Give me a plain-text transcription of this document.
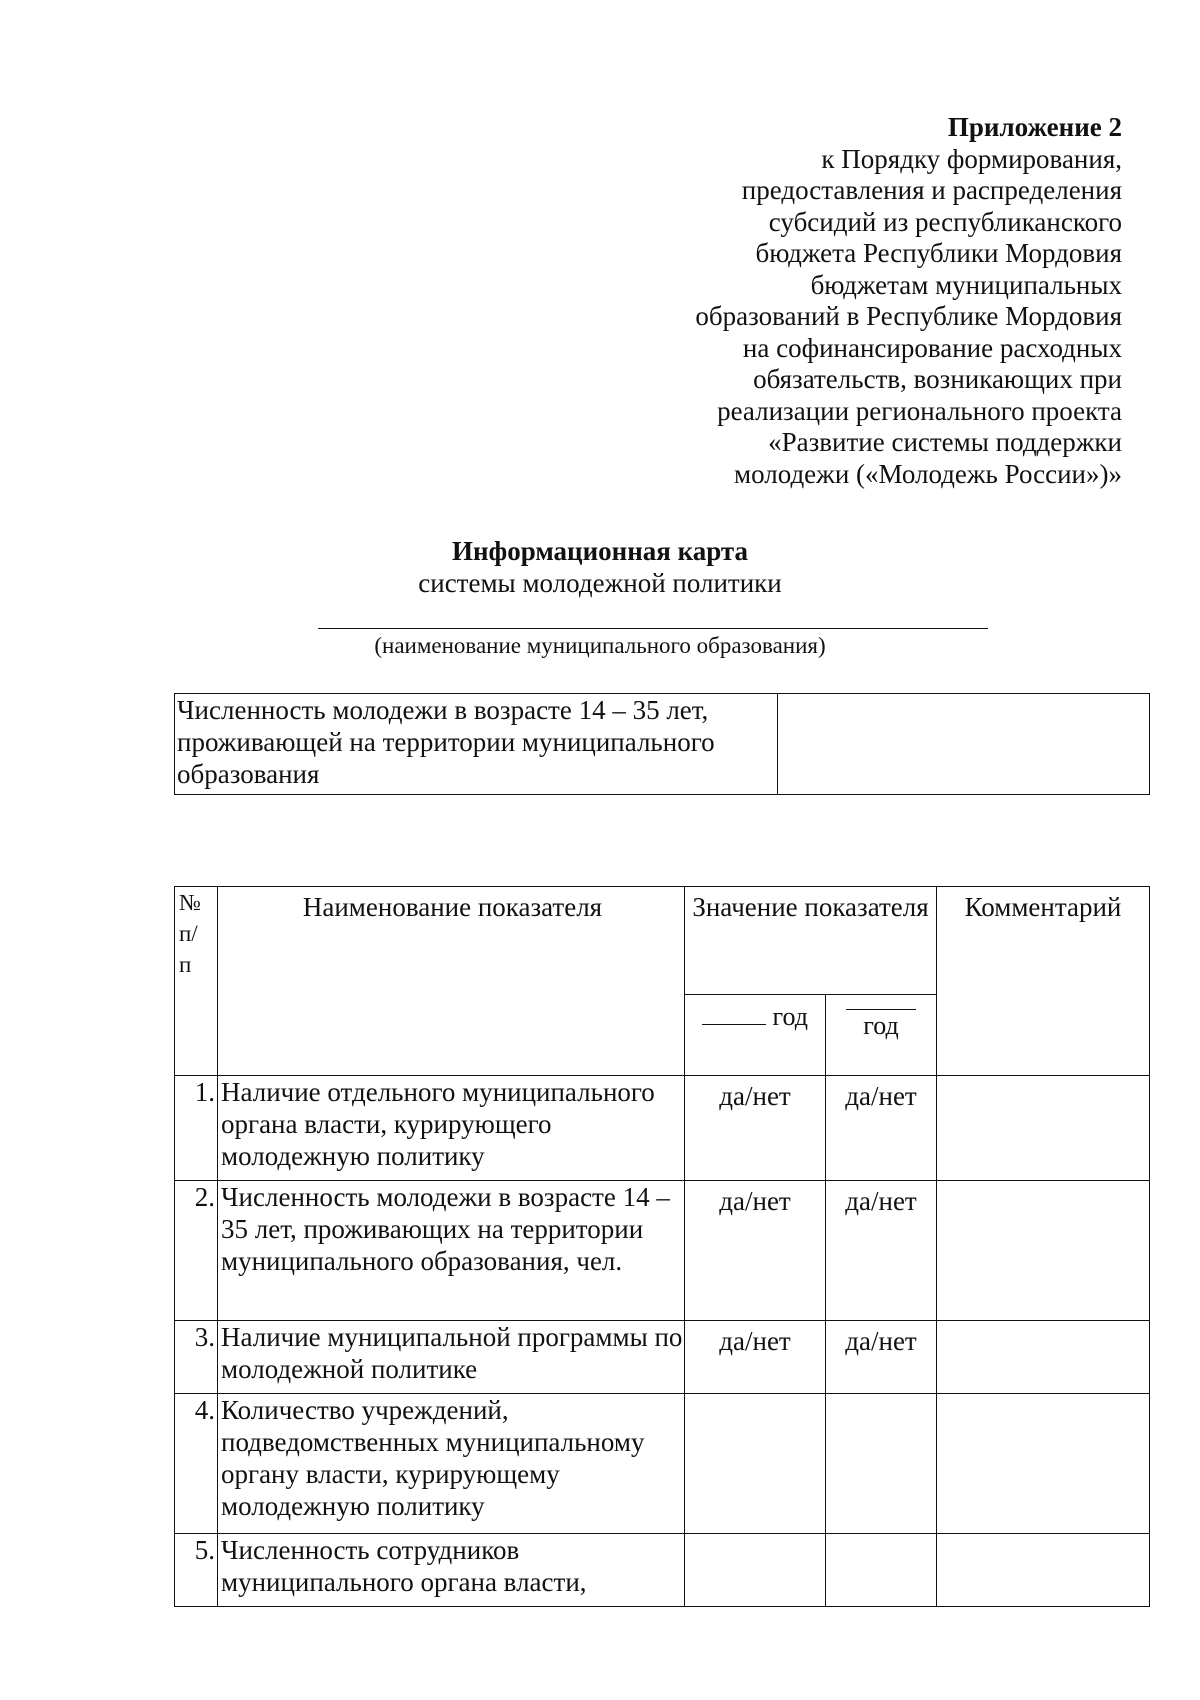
Приложение 2
к Порядку формирования,
предоставления и распределения
субсидий из республиканского
бюджета Республики Мордовия
бюджетам муниципальных
образований в Республике Мордовия
на софинансирование расходных
обязательств, возникающих при
реализации регионального проекта
«Развитие системы поддержки
молодежи («Молодежь России»)»
Информационная карта
системы молодежной политики
(наименование муниципального образования)
Численность молодежи в возрасте 14 – 35 лет, проживающей на территории муниципального образования	
№ п/ п	Наименование показателя	Значение показателя		Комментарий
		год	год	
1.	Наличие отдельного муниципального органа власти, курирующего молодежную политику	да/нет	да/нет	
2.	Численность молодежи в возрасте 14 – 35 лет, проживающих на территории муниципального образования, чел.	да/нет	да/нет	
3.	Наличие муниципальной программы по молодежной политике	да/нет	да/нет	
4.	Количество учреждений, подведомственных муниципальному органу власти, курирующему молодежную политику			
5.	Численность сотрудников муниципального органа власти,			
